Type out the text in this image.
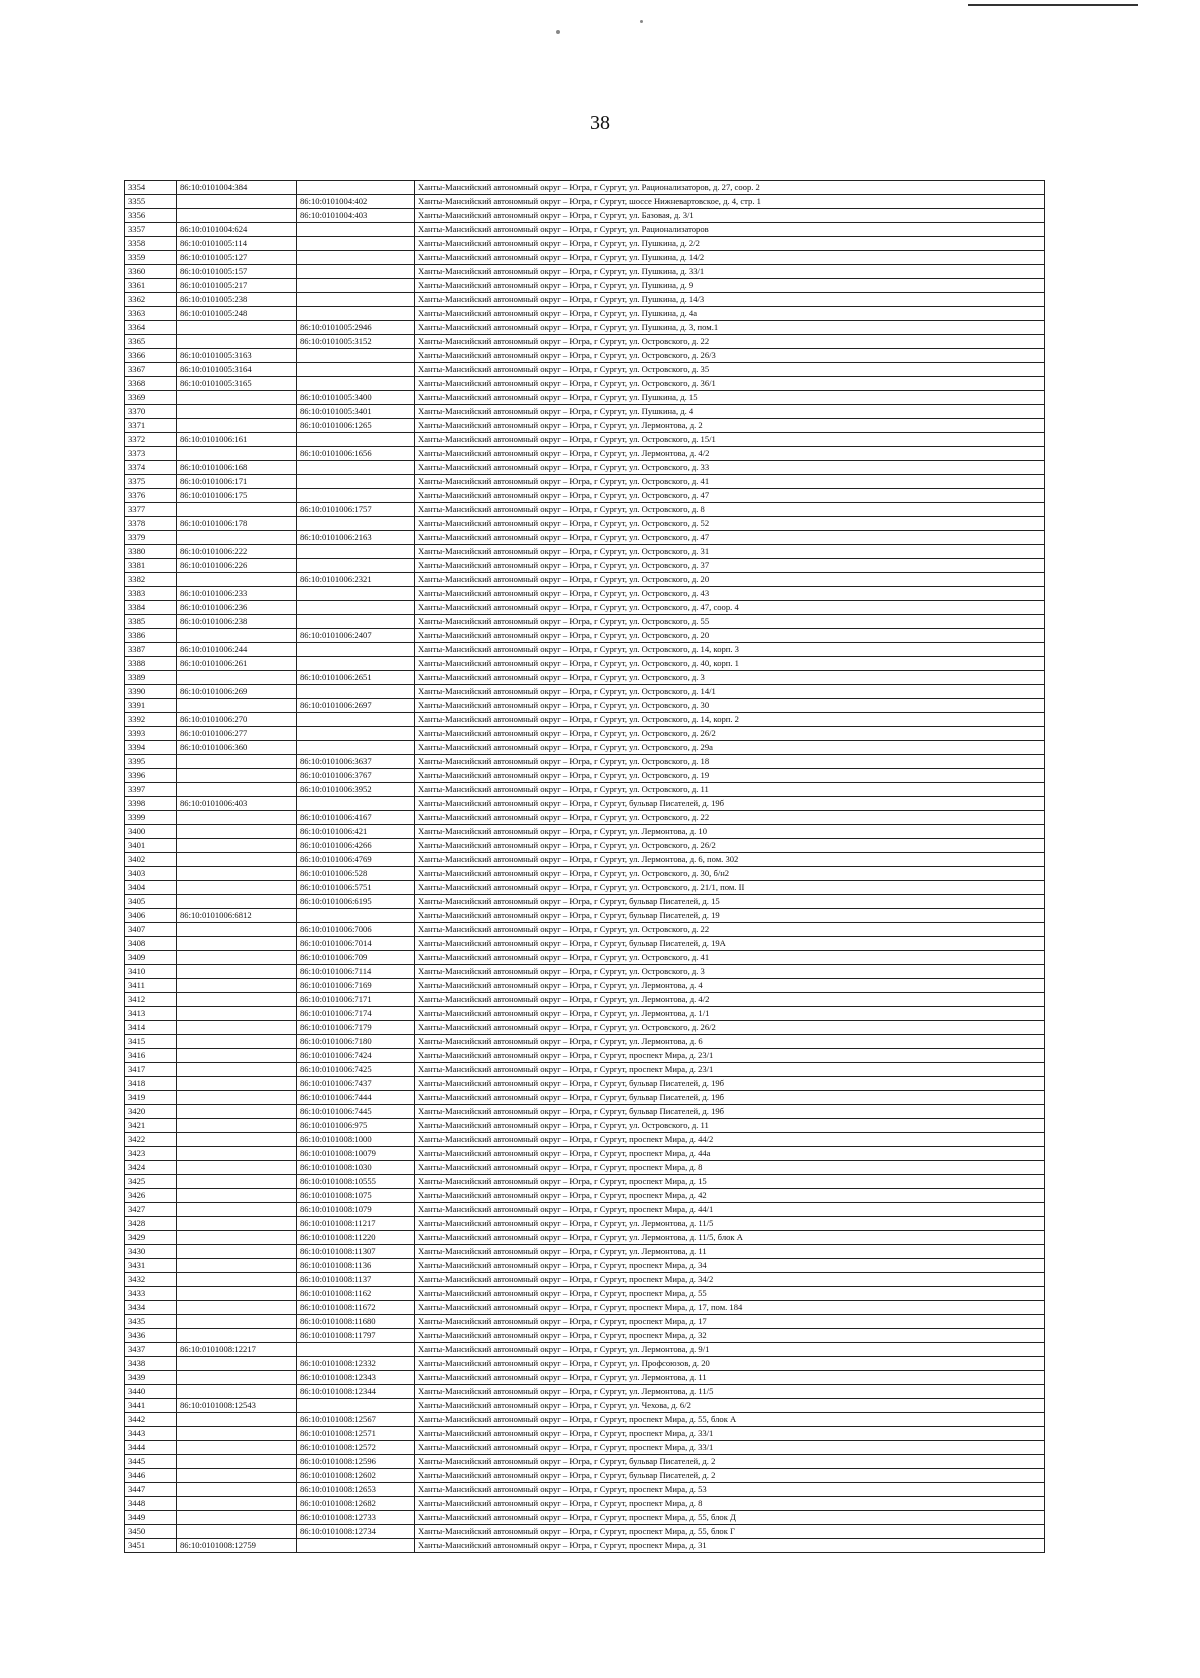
38
3354	86:10:0101004:384		Ханты-Мансийский автономный округ – Югра, г Сургут, ул. Рационализаторов, д. 27, соор. 2
3355		86:10:0101004:402	Ханты-Мансийский автономный округ – Югра, г Сургут, шоссе Нижневартовское, д. 4, стр. 1
3356		86:10:0101004:403	Ханты-Мансийский автономный округ – Югра, г Сургут, ул. Базовая, д. 3/1
3357	86:10:0101004:624		Ханты-Мансийский автономный округ – Югра, г Сургут, ул. Рационализаторов
3358	86:10:0101005:114		Ханты-Мансийский автономный округ – Югра, г Сургут, ул. Пушкина, д. 2/2
3359	86:10:0101005:127		Ханты-Мансийский автономный округ – Югра, г Сургут, ул. Пушкина, д. 14/2
3360	86:10:0101005:157		Ханты-Мансийский автономный округ – Югра, г Сургут, ул. Пушкина, д. 33/1
3361	86:10:0101005:217		Ханты-Мансийский автономный округ – Югра, г Сургут, ул. Пушкина, д. 9
3362	86:10:0101005:238		Ханты-Мансийский автономный округ – Югра, г Сургут, ул. Пушкина, д. 14/3
3363	86:10:0101005:248		Ханты-Мансийский автономный округ – Югра, г Сургут, ул. Пушкина, д. 4а
3364		86:10:0101005:2946	Ханты-Мансийский автономный округ – Югра, г Сургут, ул. Пушкина, д. 3, пом.1
3365		86:10:0101005:3152	Ханты-Мансийский автономный округ – Югра, г Сургут, ул. Островского, д. 22
3366	86:10:0101005:3163		Ханты-Мансийский автономный округ – Югра, г Сургут, ул. Островского, д. 26/3
3367	86:10:0101005:3164		Ханты-Мансийский автономный округ – Югра, г Сургут, ул. Островского, д. 35
3368	86:10:0101005:3165		Ханты-Мансийский автономный округ – Югра, г Сургут, ул. Островского, д. 36/1
3369		86:10:0101005:3400	Ханты-Мансийский автономный округ – Югра, г Сургут, ул. Пушкина, д. 15
3370		86:10:0101005:3401	Ханты-Мансийский автономный округ – Югра, г Сургут, ул. Пушкина, д. 4
3371		86:10:0101006:1265	Ханты-Мансийский автономный округ – Югра, г Сургут, ул. Лермонтова, д. 2
3372	86:10:0101006:161		Ханты-Мансийский автономный округ – Югра, г Сургут, ул. Островского, д. 15/1
3373		86:10:0101006:1656	Ханты-Мансийский автономный округ – Югра, г Сургут, ул. Лермонтова, д. 4/2
3374	86:10:0101006:168		Ханты-Мансийский автономный округ – Югра, г Сургут, ул. Островского, д. 33
3375	86:10:0101006:171		Ханты-Мансийский автономный округ – Югра, г Сургут, ул. Островского, д. 41
3376	86:10:0101006:175		Ханты-Мансийский автономный округ – Югра, г Сургут, ул. Островского, д. 47
3377		86:10:0101006:1757	Ханты-Мансийский автономный округ – Югра, г Сургут, ул. Островского, д. 8
3378	86:10:0101006:178		Ханты-Мансийский автономный округ – Югра, г Сургут, ул. Островского, д. 52
3379		86:10:0101006:2163	Ханты-Мансийский автономный округ – Югра, г Сургут, ул. Островского, д. 47
3380	86:10:0101006:222		Ханты-Мансийский автономный округ – Югра, г Сургут, ул. Островского, д. 31
3381	86:10:0101006:226		Ханты-Мансийский автономный округ – Югра, г Сургут, ул. Островского, д. 37
3382		86:10:0101006:2321	Ханты-Мансийский автономный округ – Югра, г Сургут, ул. Островского, д. 20
3383	86:10:0101006:233		Ханты-Мансийский автономный округ – Югра, г Сургут, ул. Островского, д. 43
3384	86:10:0101006:236		Ханты-Мансийский автономный округ – Югра, г Сургут, ул. Островского, д. 47, соор. 4
3385	86:10:0101006:238		Ханты-Мансийский автономный округ – Югра, г Сургут, ул. Островского, д. 55
3386		86:10:0101006:2407	Ханты-Мансийский автономный округ – Югра, г Сургут, ул. Островского, д. 20
3387	86:10:0101006:244		Ханты-Мансийский автономный округ – Югра, г Сургут, ул. Островского, д. 14, корп. 3
3388	86:10:0101006:261		Ханты-Мансийский автономный округ – Югра, г Сургут, ул. Островского, д. 40, корп. 1
3389		86:10:0101006:2651	Ханты-Мансийский автономный округ – Югра, г Сургут, ул. Островского, д. 3
3390	86:10:0101006:269		Ханты-Мансийский автономный округ – Югра, г Сургут, ул. Островского, д. 14/1
3391		86:10:0101006:2697	Ханты-Мансийский автономный округ – Югра, г Сургут, ул. Островского, д. 30
3392	86:10:0101006:270		Ханты-Мансийский автономный округ – Югра, г Сургут, ул. Островского, д. 14, корп. 2
3393	86:10:0101006:277		Ханты-Мансийский автономный округ – Югра, г Сургут, ул. Островского, д. 26/2
3394	86:10:0101006:360		Ханты-Мансийский автономный округ – Югра, г Сургут, ул. Островского, д. 29а
3395		86:10:0101006:3637	Ханты-Мансийский автономный округ – Югра, г Сургут, ул. Островского, д. 18
3396		86:10:0101006:3767	Ханты-Мансийский автономный округ – Югра, г Сургут, ул. Островского, д. 19
3397		86:10:0101006:3952	Ханты-Мансийский автономный округ – Югра, г Сургут, ул. Островского, д. 11
3398	86:10:0101006:403		Ханты-Мансийский автономный округ – Югра, г Сургут, бульвар Писателей, д. 19б
3399		86:10:0101006:4167	Ханты-Мансийский автономный округ – Югра, г Сургут, ул. Островского, д. 22
3400		86:10:0101006:421	Ханты-Мансийский автономный округ – Югра, г Сургут, ул. Лермонтова, д. 10
3401		86:10:0101006:4266	Ханты-Мансийский автономный округ – Югра, г Сургут, ул. Островского, д. 26/2
3402		86:10:0101006:4769	Ханты-Мансийский автономный округ – Югра, г Сургут, ул. Лермонтова, д. 6, пом. 302
3403		86:10:0101006:528	Ханты-Мансийский автономный округ – Югра, г Сургут, ул. Островского, д. 30, б/н2
3404		86:10:0101006:5751	Ханты-Мансийский автономный округ – Югра, г Сургут, ул. Островского, д. 21/1, пом. II
3405		86:10:0101006:6195	Ханты-Мансийский автономный округ – Югра, г Сургут, бульвар Писателей, д. 15
3406	86:10:0101006:6812		Ханты-Мансийский автономный округ – Югра, г Сургут, бульвар Писателей, д. 19
3407		86:10:0101006:7006	Ханты-Мансийский автономный округ – Югра, г Сургут, ул. Островского, д. 22
3408		86:10:0101006:7014	Ханты-Мансийский автономный округ – Югра, г Сургут, бульвар Писателей, д. 19А
3409		86:10:0101006:709	Ханты-Мансийский автономный округ – Югра, г Сургут, ул. Островского, д. 41
3410		86:10:0101006:7114	Ханты-Мансийский автономный округ – Югра, г Сургут, ул. Островского, д. 3
3411		86:10:0101006:7169	Ханты-Мансийский автономный округ – Югра, г Сургут, ул. Лермонтова, д. 4
3412		86:10:0101006:7171	Ханты-Мансийский автономный округ – Югра, г Сургут, ул. Лермонтова, д. 4/2
3413		86:10:0101006:7174	Ханты-Мансийский автономный округ – Югра, г Сургут, ул. Лермонтова, д. 1/1
3414		86:10:0101006:7179	Ханты-Мансийский автономный округ – Югра, г Сургут, ул. Островского, д. 26/2
3415		86:10:0101006:7180	Ханты-Мансийский автономный округ – Югра, г Сургут, ул. Лермонтова, д. 6
3416		86:10:0101006:7424	Ханты-Мансийский автономный округ – Югра, г Сургут, проспект Мира, д. 23/1
3417		86:10:0101006:7425	Ханты-Мансийский автономный округ – Югра, г Сургут, проспект Мира, д. 23/1
3418		86:10:0101006:7437	Ханты-Мансийский автономный округ – Югра, г Сургут, бульвар Писателей, д. 19б
3419		86:10:0101006:7444	Ханты-Мансийский автономный округ – Югра, г Сургут, бульвар Писателей, д. 19б
3420		86:10:0101006:7445	Ханты-Мансийский автономный округ – Югра, г Сургут, бульвар Писателей, д. 19б
3421		86:10:0101006:975	Ханты-Мансийский автономный округ – Югра, г Сургут, ул. Островского, д. 11
3422		86:10:0101008:1000	Ханты-Мансийский автономный округ – Югра, г Сургут, проспект Мира, д. 44/2
3423		86:10:0101008:10079	Ханты-Мансийский автономный округ – Югра, г Сургут, проспект Мира, д. 44а
3424		86:10:0101008:1030	Ханты-Мансийский автономный округ – Югра, г Сургут, проспект Мира, д. 8
3425		86:10:0101008:10555	Ханты-Мансийский автономный округ – Югра, г Сургут, проспект Мира, д. 15
3426		86:10:0101008:1075	Ханты-Мансийский автономный округ – Югра, г Сургут, проспект Мира, д. 42
3427		86:10:0101008:1079	Ханты-Мансийский автономный округ – Югра, г Сургут, проспект Мира, д. 44/1
3428		86:10:0101008:11217	Ханты-Мансийский автономный округ – Югра, г Сургут, ул. Лермонтова, д. 11/5
3429		86:10:0101008:11220	Ханты-Мансийский автономный округ – Югра, г Сургут, ул. Лермонтова, д. 11/5, блок А
3430		86:10:0101008:11307	Ханты-Мансийский автономный округ – Югра, г Сургут, ул. Лермонтова, д. 11
3431		86:10:0101008:1136	Ханты-Мансийский автономный округ – Югра, г Сургут, проспект Мира, д. 34
3432		86:10:0101008:1137	Ханты-Мансийский автономный округ – Югра, г Сургут, проспект Мира, д. 34/2
3433		86:10:0101008:1162	Ханты-Мансийский автономный округ – Югра, г Сургут, проспект Мира, д. 55
3434		86:10:0101008:11672	Ханты-Мансийский автономный округ – Югра, г Сургут, проспект Мира, д. 17, пом. 184
3435		86:10:0101008:11680	Ханты-Мансийский автономный округ – Югра, г Сургут, проспект Мира, д. 17
3436		86:10:0101008:11797	Ханты-Мансийский автономный округ – Югра, г Сургут, проспект Мира, д. 32
3437	86:10:0101008:12217		Ханты-Мансийский автономный округ – Югра, г Сургут, ул. Лермонтова, д. 9/1
3438		86:10:0101008:12332	Ханты-Мансийский автономный округ – Югра, г Сургут, ул. Профсоюзов, д. 20
3439		86:10:0101008:12343	Ханты-Мансийский автономный округ – Югра, г Сургут, ул. Лермонтова, д. 11
3440		86:10:0101008:12344	Ханты-Мансийский автономный округ – Югра, г Сургут, ул. Лермонтова, д. 11/5
3441	86:10:0101008:12543		Ханты-Мансийский автономный округ – Югра, г Сургут, ул. Чехова, д. 6/2
3442		86:10:0101008:12567	Ханты-Мансийский автономный округ – Югра, г Сургут, проспект Мира, д. 55, блок А
3443		86:10:0101008:12571	Ханты-Мансийский автономный округ – Югра, г Сургут, проспект Мира, д. 33/1
3444		86:10:0101008:12572	Ханты-Мансийский автономный округ – Югра, г Сургут, проспект Мира, д. 33/1
3445		86:10:0101008:12596	Ханты-Мансийский автономный округ – Югра, г Сургут, бульвар Писателей, д. 2
3446		86:10:0101008:12602	Ханты-Мансийский автономный округ – Югра, г Сургут, бульвар Писателей, д. 2
3447		86:10:0101008:12653	Ханты-Мансийский автономный округ – Югра, г Сургут, проспект Мира, д. 53
3448		86:10:0101008:12682	Ханты-Мансийский автономный округ – Югра, г Сургут, проспект Мира, д. 8
3449		86:10:0101008:12733	Ханты-Мансийский автономный округ – Югра, г Сургут, проспект Мира, д. 55, блок Д
3450		86:10:0101008:12734	Ханты-Мансийский автономный округ – Югра, г Сургут, проспект Мира, д. 55, блок Г
3451	86:10:0101008:12759		Ханты-Мансийский автономный округ – Югра, г Сургут, проспект Мира, д. 31
